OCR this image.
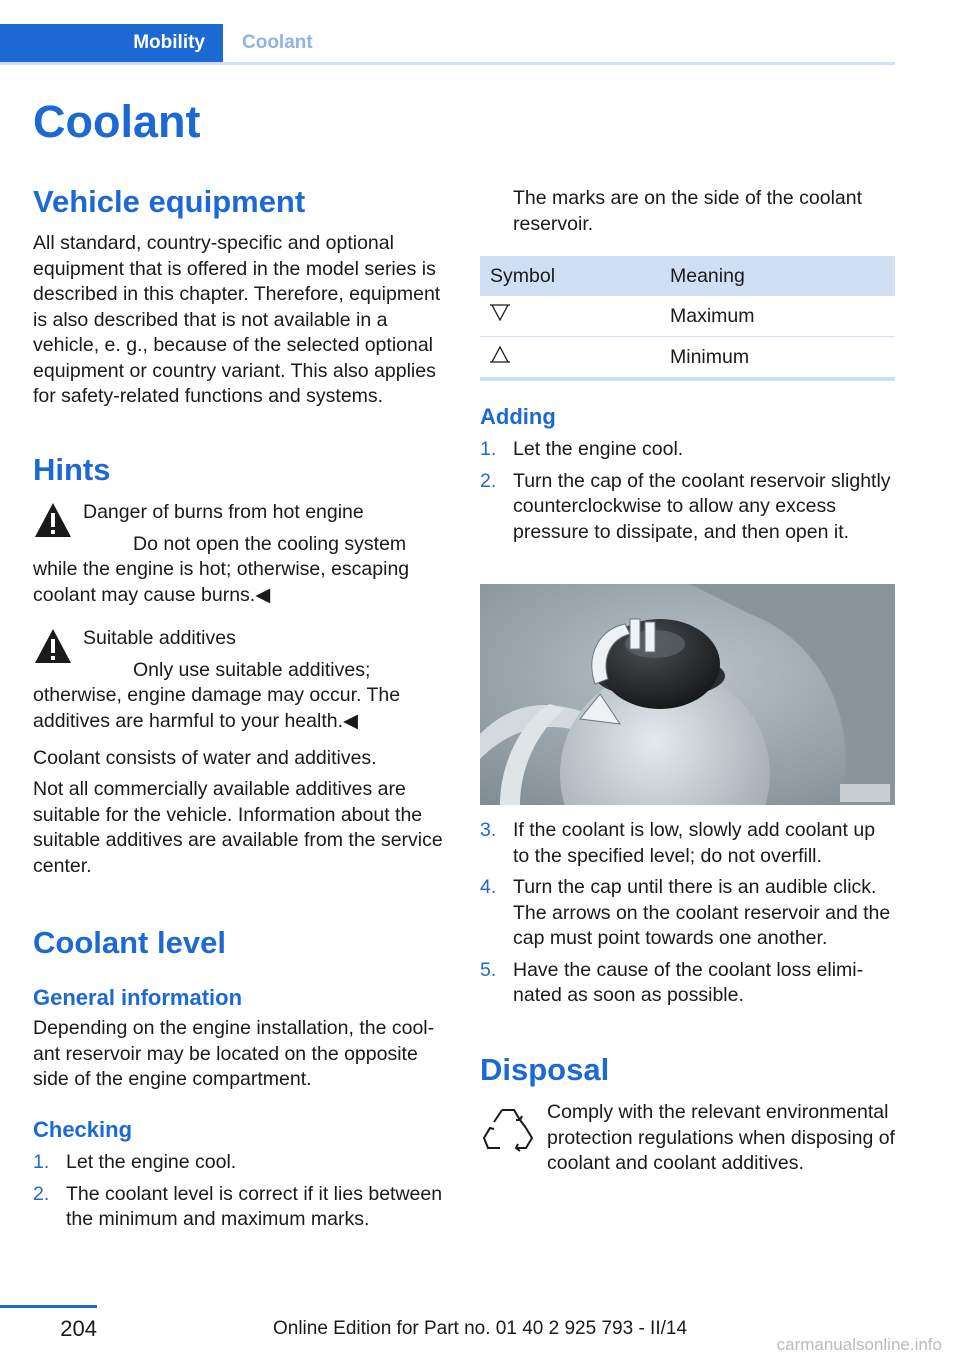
Mobility	Coolant
Coolant
Vehicle equipment
All standard, country-specific and optional equipment that is offered in the model series is described in this chapter. Therefore, equipment is also described that is not available in a vehicle, e. g., because of the selected optional equipment or country variant. This also applies for safety-related functions and systems.
Hints
Danger of burns from hot engine
Do not open the cooling system while the engine is hot; otherwise, escaping coolant may cause burns.◀
Suitable additives
Only use suitable additives; otherwise, engine damage may occur. The additives are harmful to your health.◀
Coolant consists of water and additives.
Not all commercially available additives are suitable for the vehicle. Information about the suitable additives are available from the service center.
Coolant level
General information
Depending on the engine installation, the coolant reservoir may be located on the opposite side of the engine compartment.
Checking
1. Let the engine cool.
2. The coolant level is correct if it lies between the minimum and maximum marks.
The marks are on the side of the coolant reservoir.
Symbol	Meaning
	Maximum
	Minimum
Adding
1. Let the engine cool.
2. Turn the cap of the coolant reservoir slightly counterclockwise to allow any excess pressure to dissipate, and then open it.
3. If the coolant is low, slowly add coolant up to the specified level; do not overfill.
4. Turn the cap until there is an audible click. The arrows on the coolant reservoir and the cap must point towards one another.
5. Have the cause of the coolant loss eliminated as soon as possible.
Disposal
Comply with the relevant environmental protection regulations when disposing of coolant and coolant additives.
204	Online Edition for Part no. 01 40 2 925 793 - II/14
carmanualsonline.info
